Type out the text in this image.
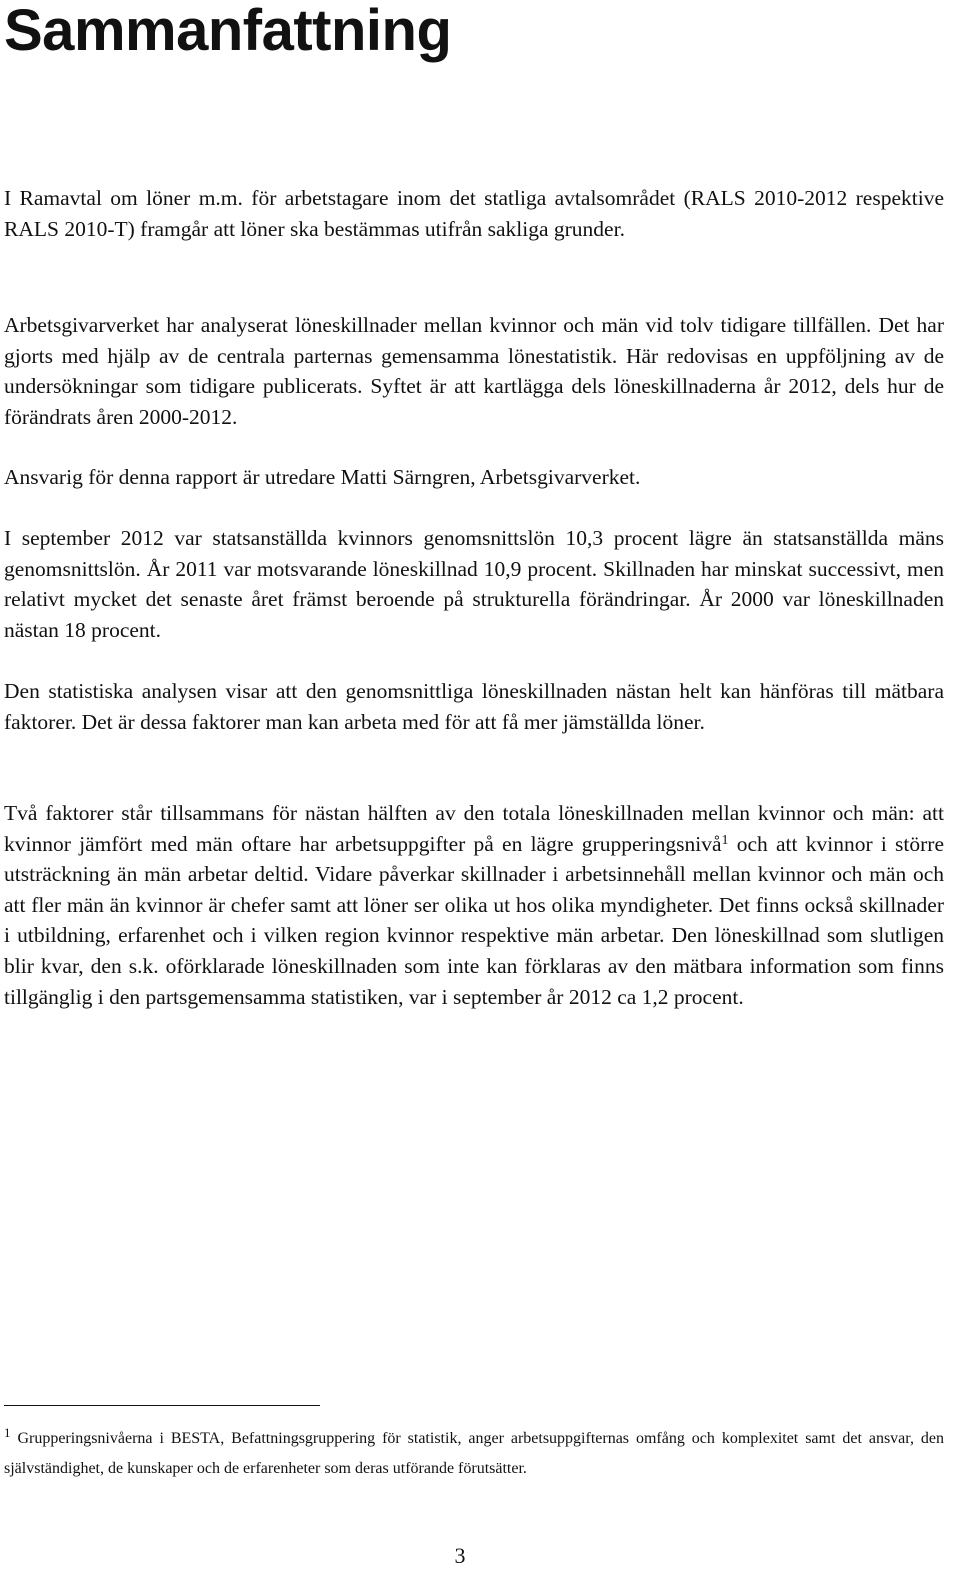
Sammanfattning

I Ramavtal om löner m.m. för arbetstagare inom det statliga avtalsområdet (RALS 2010-2012 respektive RALS 2010-T) framgår att löner ska bestämmas utifrån sakliga grunder.

Arbetsgivarverket har analyserat löneskillnader mellan kvinnor och män vid tolv tidigare tillfällen. Det har gjorts med hjälp av de centrala parternas gemensamma lönestatistik. Här redovisas en uppföljning av de undersökningar som tidigare publicerats. Syftet är att kartlägga dels löneskillnaderna år 2012, dels hur de förändrats åren 2000-2012.

Ansvarig för denna rapport är utredare Matti Särngren, Arbetsgivarverket.

I september 2012 var statsanställda kvinnors genomsnittslön 10,3 procent lägre än statsanställda mäns genomsnittslön. År 2011 var motsvarande löneskillnad 10,9 procent. Skillnaden har minskat successivt, men relativt mycket det senaste året främst beroende på strukturella förändringar. År 2000 var löneskillnaden nästan 18 procent.

Den statistiska analysen visar att den genomsnittliga löneskillnaden nästan helt kan hänföras till mätbara faktorer. Det är dessa faktorer man kan arbeta med för att få mer jämställda löner.

Två faktorer står tillsammans för nästan hälften av den totala löneskillnaden mellan kvinnor och män: att kvinnor jämfört med män oftare har arbetsuppgifter på en lägre grupperingsnivå$^1$ och att kvinnor i större utsträckning än män arbetar deltid. Vidare påverkar skillnader i arbetsinnehåll mellan kvinnor och män och att fler män än kvinnor är chefer samt att löner ser olika ut hos olika myndigheter. Det finns också skillnader i utbildning, erfarenhet och i vilken region kvinnor respektive män arbetar. Den löneskillnad som slutligen blir kvar, den s.k. oförklarade löneskillnaden som inte kan förklaras av den mätbara information som finns tillgänglig i den partsgemensamma statistiken, var i september år 2012 ca 1,2 procent.

$^1$ Grupperingsnivåerna i BESTA, Befattningsgruppering för statistik, anger arbetsuppgifternas omfång och komplexitet samt det ansvar, den självständighet, de kunskaper och de erfarenheter som deras utförande förutsätter.

3
